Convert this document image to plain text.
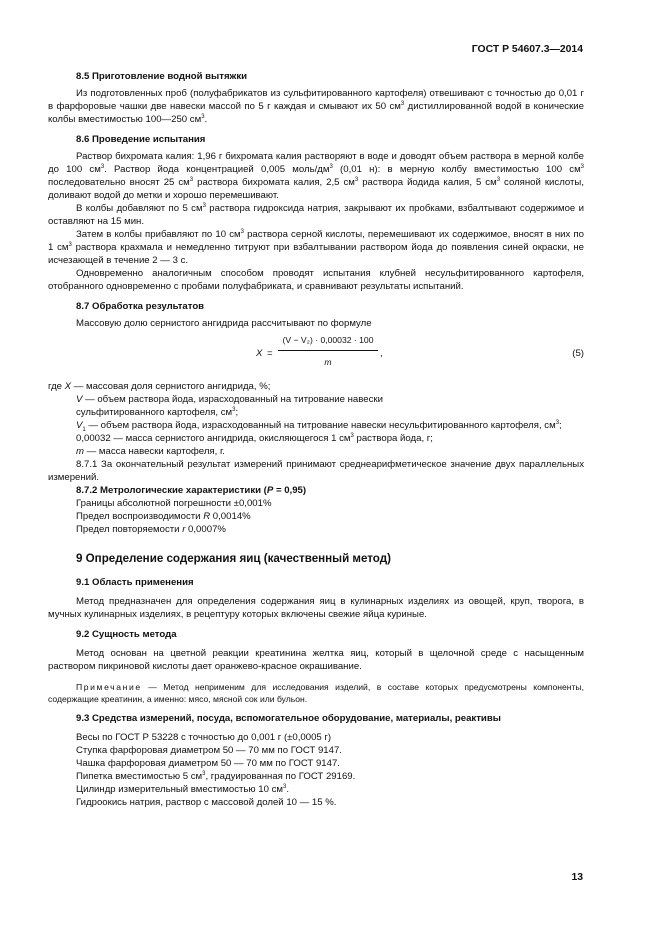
ГОСТ Р 54607.3—2014
8.5 Приготовление водной вытяжки

Из подготовленных проб (полуфабрикатов из сульфитированного картофеля) отвешивают с точностью до 0,01 г в фарфоровые чашки две навески массой по 5 г каждая и смывают их 50 $см^3$ дистиллированной водой в конические колбы вместимостью 100—250 $см^3$.

8.6 Проведение испытания

Раствор бихромата калия: 1,96 г бихромата калия растворяют в воде и доводят объем раствора в мерной колбе до 100 $см^3$. Раствор йода концентрацией 0,005 моль/$дм^3$ (0,01 н): в мерную колбу вместимостью 100 $см^3$ последовательно вносят 25 $см^3$ раствора бихромата калия, 2,5 $см^3$ раствора йодида калия, 5 $см^3$ соляной кислоты, доливают водой до метки и хорошо перемешивают.

В колбы добавляют по 5 $см^3$ раствора гидроксида натрия, закрывают их пробками, взбалтывают содержимое и оставляют на 15 мин.

Затем в колбы прибавляют по 10 $см^3$ раствора серной кислоты, перемешивают их содержимое, вносят в них по 1 $см^3$ раствора крахмала и немедленно титруют при взбалтывании раствором йода до появления синей окраски, не исчезающей в течение 2 — 3 с.

Одновременно аналогичным способом проводят испытания клубней несульфитированного картофеля, отобранного одновременно с пробами полуфабриката, и сравнивают результаты испытаний.

8.7 Обработка результатов

Массовую долю сернистого ангидрида рассчитывают по формуле

X =
(V − V₂) · 0,00032 · 100
m
,	(5)

где X — массовая доля сернистого ангидрида, %;

V — объем раствора йода, израсходованный на титрование навески

сульфитированного картофеля, $см^3$;

$V_1$ — объем раствора йода, израсходованный на титрование навески несульфитированного картофеля, $см^3$;

0,00032 — масса сернистого ангидрида, окисляющегося 1 $см^3$ раствора йода, г;

m — масса навески картофеля, г.

8.7.1 За окончательный результат измерений принимают среднеарифметическое значение двух параллельных измерений.

8.7.2 Метрологические характеристики (P = 0,95)

Границы абсолютной погрешности ±0,001%

Предел воспроизводимости R 0,0014%

Предел повторяемости r 0,0007%

9 Определение содержания яиц (качественный метод)
9.1 Область применения

Метод предназначен для определения содержания яиц в кулинарных изделиях из овощей, круп, творога, в мучных кулинарных изделиях, в рецептуру которых включены свежие яйца куриные.

9.2 Сущность метода

Метод основан на цветной реакции креатинина желтка яиц, который в щелочной среде с насыщенным раствором пикриновой кислоты дает оранжево-красное окрашивание.

Примечание — Метод неприменим для исследования изделий, в составе которых предусмотрены компоненты, содержащие креатинин, а именно: мясо, мясной сок или бульон.

9.3 Средства измерений, посуда, вспомогательное оборудование, материалы, реактивы

Весы по ГОСТ Р 53228 с точностью до 0,001 г (±0,0005 г)

Ступка фарфоровая диаметром 50 — 70 мм по ГОСТ 9147.

Чашка фарфоровая диаметром 50 — 70 мм по ГОСТ 9147.

Пипетка вместимостью 5 $см^3$, градуированная по ГОСТ 29169.

Цилиндр измерительный вместимостью 10 $см^3$.

Гидроокись натрия, раствор с массовой долей 10 — 15 %.

13
